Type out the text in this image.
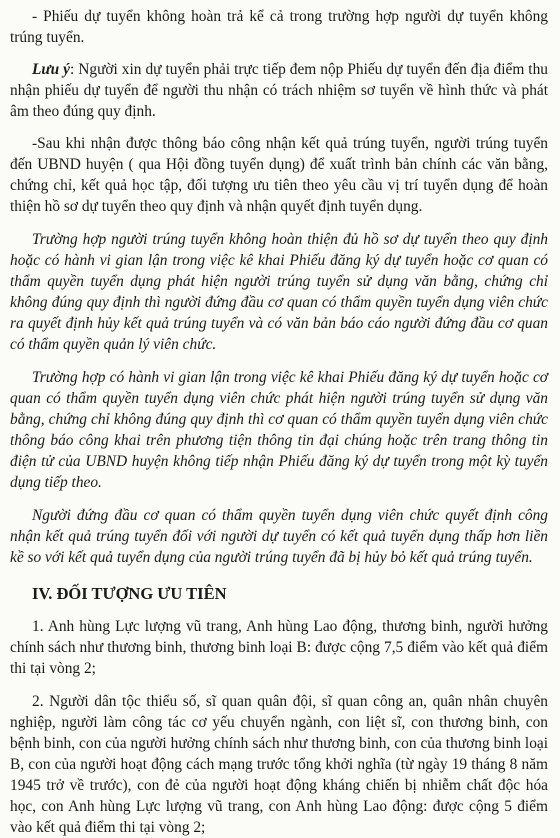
- Phiếu dự tuyển không hoàn trả kể cả trong trường hợp người dự tuyển không trúng tuyển.

Lưu ý: Người xin dự tuyển phải trực tiếp đem nộp Phiếu dự tuyển đến địa điểm thu nhận phiếu dự tuyển để người thu nhận có trách nhiệm sơ tuyển về hình thức và phát âm theo đúng quy định.

-Sau khi nhận được thông báo công nhận kết quả trúng tuyển, người trúng tuyển đến UBND huyện ( qua Hội đồng tuyển dụng) để xuất trình bản chính các văn bằng, chứng chỉ, kết quả học tập, đối tượng ưu tiên theo yêu cầu vị trí tuyển dụng để hoàn thiện hồ sơ dự tuyển theo quy định và nhận quyết định tuyển dụng.

Trường hợp người trúng tuyển không hoàn thiện đủ hồ sơ dự tuyển theo quy định hoặc có hành vi gian lận trong việc kê khai Phiếu đăng ký dự tuyển hoặc cơ quan có thẩm quyền tuyển dụng phát hiện người trúng tuyển sử dụng văn bằng, chứng chỉ không đúng quy định thì người đứng đầu cơ quan có thẩm quyền tuyển dụng viên chức ra quyết định hủy kết quả trúng tuyển và có văn bản báo cáo người đứng đầu cơ quan có thẩm quyền quản lý viên chức.

Trường hợp có hành vi gian lận trong việc kê khai Phiếu đăng ký dự tuyển hoặc cơ quan có thẩm quyền tuyển dụng viên chức phát hiện người trúng tuyển sử dụng văn bằng, chứng chỉ không đúng quy định thì cơ quan có thẩm quyền tuyển dụng viên chức thông báo công khai trên phương tiện thông tin đại chúng hoặc trên trang thông tin điện tử của UBND huyện không tiếp nhận Phiếu đăng ký dự tuyển trong một kỳ tuyển dụng tiếp theo.

Người đứng đầu cơ quan có thẩm quyền tuyển dụng viên chức quyết định công nhận kết quả trúng tuyển đối với người dự tuyển có kết quả tuyển dụng thấp hơn liền kề so với kết quả tuyển dụng của người trúng tuyển đã bị hủy bỏ kết quả trúng tuyển.

IV. ĐỐI TƯỢNG ƯU TIÊN

1. Anh hùng Lực lượng vũ trang, Anh hùng Lao động, thương binh, người hưởng chính sách như thương binh, thương binh loại B: được cộng 7,5 điểm vào kết quả điểm thi tại vòng 2;

2. Người dân tộc thiểu số, sĩ quan quân đội, sĩ quan công an, quân nhân chuyên nghiệp, người làm công tác cơ yếu chuyển ngành, con liệt sĩ, con thương binh, con bệnh binh, con của người hưởng chính sách như thương binh, con của thương binh loại B, con của người hoạt động cách mạng trước tổng khởi nghĩa (từ ngày 19 tháng 8 năm 1945 trở về trước), con đẻ của người hoạt động kháng chiến bị nhiễm chất độc hóa học, con Anh hùng Lực lượng vũ trang, con Anh hùng Lao động: được cộng 5 điểm vào kết quả điểm thi tại vòng 2;
